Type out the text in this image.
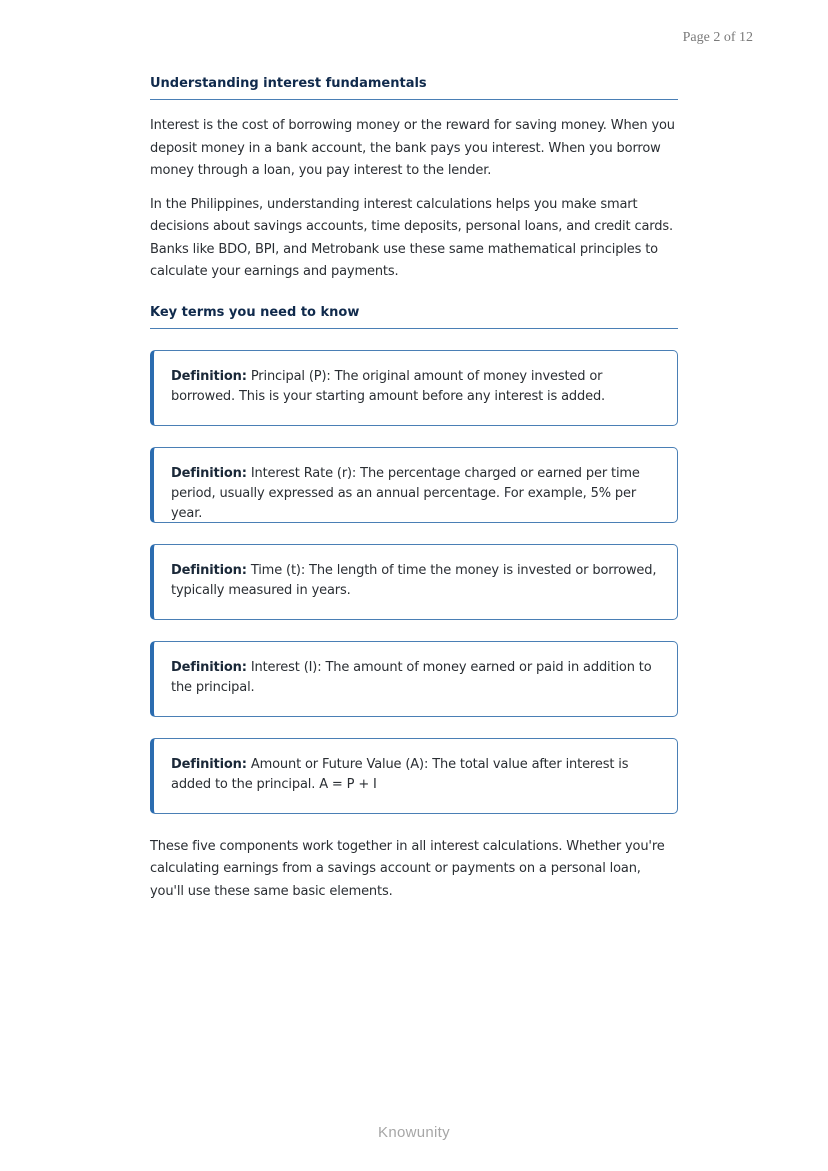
Page 2 of 12
Understanding interest fundamentals

Interest is the cost of borrowing money or the reward for saving money. When you deposit money in a bank account, the bank pays you interest. When you borrow money through a loan, you pay interest to the lender.

In the Philippines, understanding interest calculations helps you make smart decisions about savings accounts, time deposits, personal loans, and credit cards. Banks like BDO, BPI, and Metrobank use these same mathematical principles to calculate your earnings and payments.

Key terms you need to know
Definition: Principal (P): The original amount of money invested or borrowed. This is your starting amount before any interest is added.
Definition: Interest Rate (r): The percentage charged or earned per time period, usually expressed as an annual percentage. For example, 5% per year.
Definition: Time (t): The length of time the money is invested or borrowed, typically measured in years.
Definition: Interest (I): The amount of money earned or paid in addition to the principal.
Definition: Amount or Future Value (A): The total value after interest is added to the principal. A = P + I

These five components work together in all interest calculations. Whether you're calculating earnings from a savings account or payments on a personal loan, you'll use these same basic elements.

Knowunity
